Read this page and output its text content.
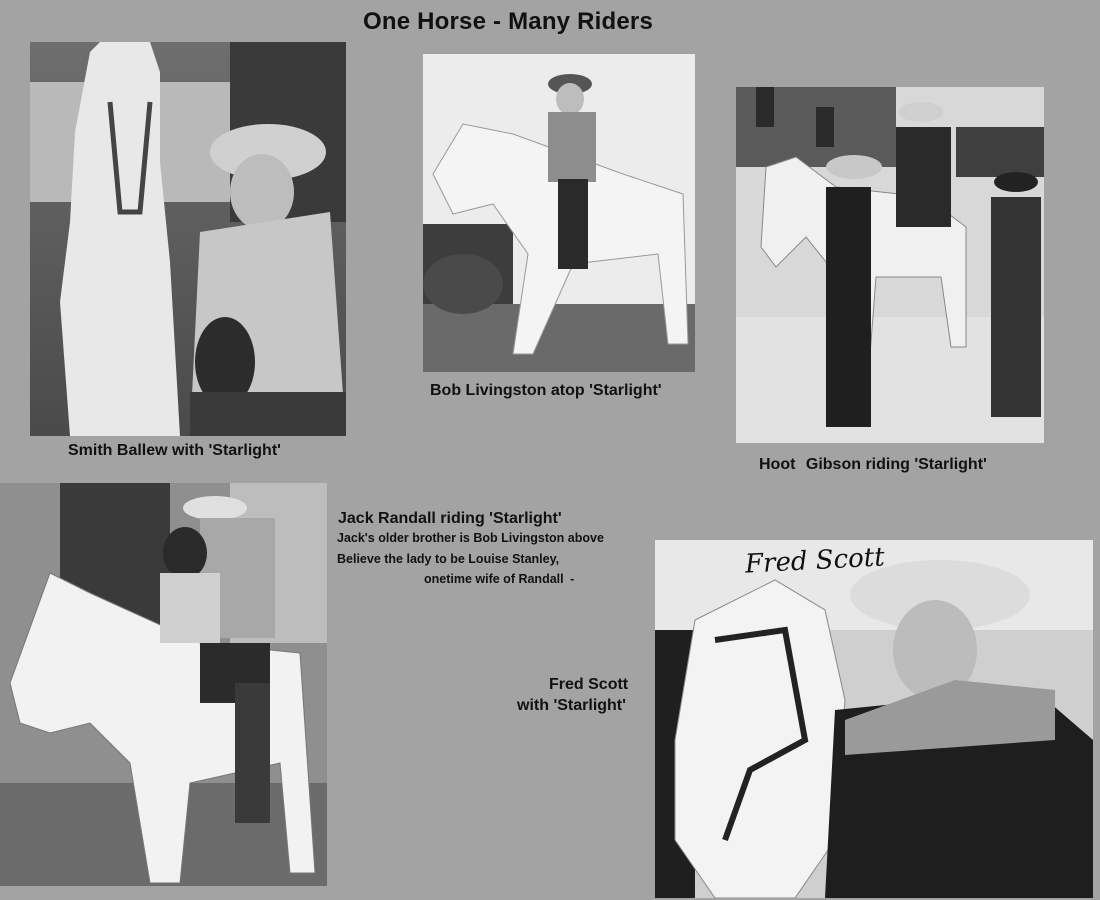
One Horse - Many Riders
Smith Ballew with 'Starlight'
Bob Livingston atop 'Starlight'
Hoot Gibson riding 'Starlight'
Jack Randall riding 'Starlight'
Jack's older brother is Bob Livingston above
Believe the lady to be Louise Stanley,
onetime wife of Randall -
Fred Scott
with 'Starlight'
Fred Scott
